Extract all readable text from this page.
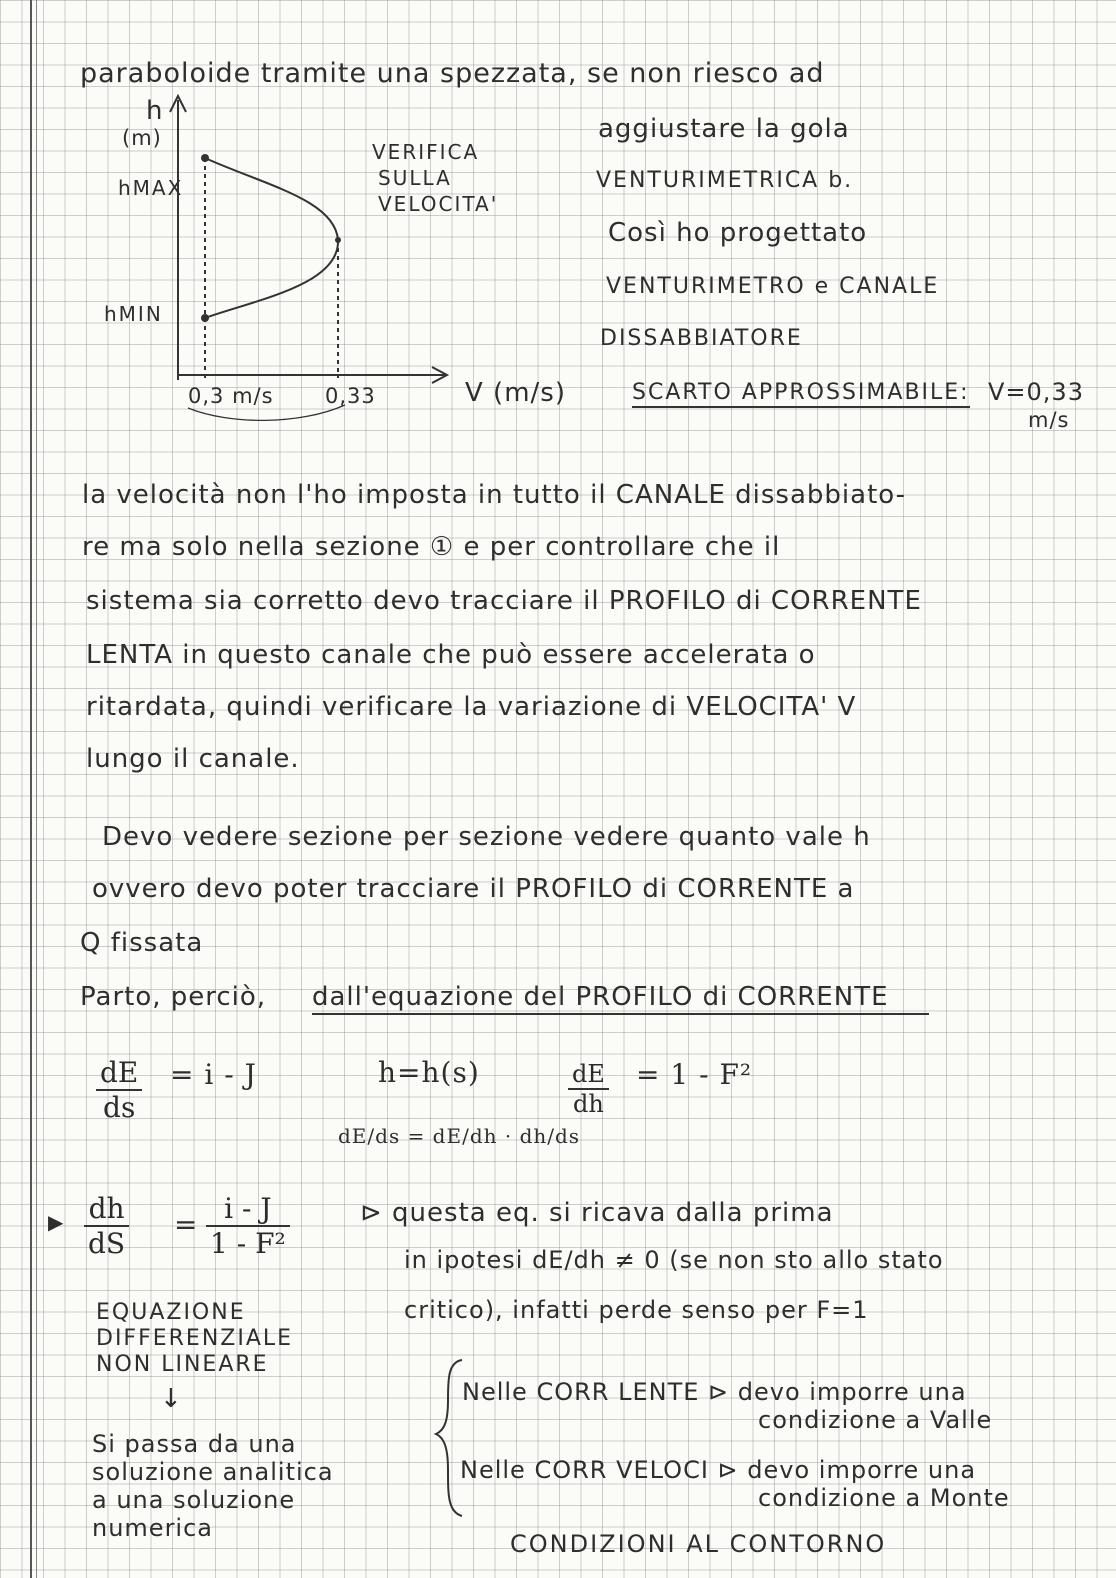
paraboloide tramite una spezzata, se non riesco ad
h
(m)
hMAX
hMIN
0,3 m/s 0,33	V (m/s)
VERIFICA
SULLA
VELOCITA'
aggiustare la gola
VENTURIMETRICA b.
Così ho progettato
VENTURIMETRO e CANALE
DISSABBIATORE
SCARTO APPROSSIMABILE: V=0,33
m/s
la velocità non l'ho imposta in tutto il CANALE dissabbiato-
re ma solo nella sezione ① e per controllare che il
sistema sia corretto devo tracciare il PROFILO di CORRENTE
LENTA in questo canale che può essere accelerata o
ritardata, quindi verificare la variazione di VELOCITA' V
lungo il canale.
Devo vedere sezione per sezione vedere quanto vale h
ovvero devo poter tracciare il PROFILO di CORRENTE a
Q fissata
Parto, perciò, dall'equazione del PROFILO di CORRENTE
$\frac{dE}{ds} = i - J$	h=h(s)	$\frac{dE}{dh} = 1 - F^2$
dE/ds = dE/dh · dh/ds
▶ $\frac{dh}{dS} = \frac{i - J}{\text{1 - F²}}$	⊳ questa eq. si ricava dalla prima
in ipotesi dE/dh ≠ 0 (se non sto allo stato
critico), infatti perde senso per F=1
EQUAZIONE
DIFFERENZIALE
NON LINEARE
↓
Si passa da una
soluzione analitica
a una soluzione
numerica
Nelle CORR LENTE ⊳ devo imporre una
condizione a Valle
Nelle CORR VELOCI ⊳ devo imporre una
condizione a Monte
CONDIZIONI AL CONTORNO
